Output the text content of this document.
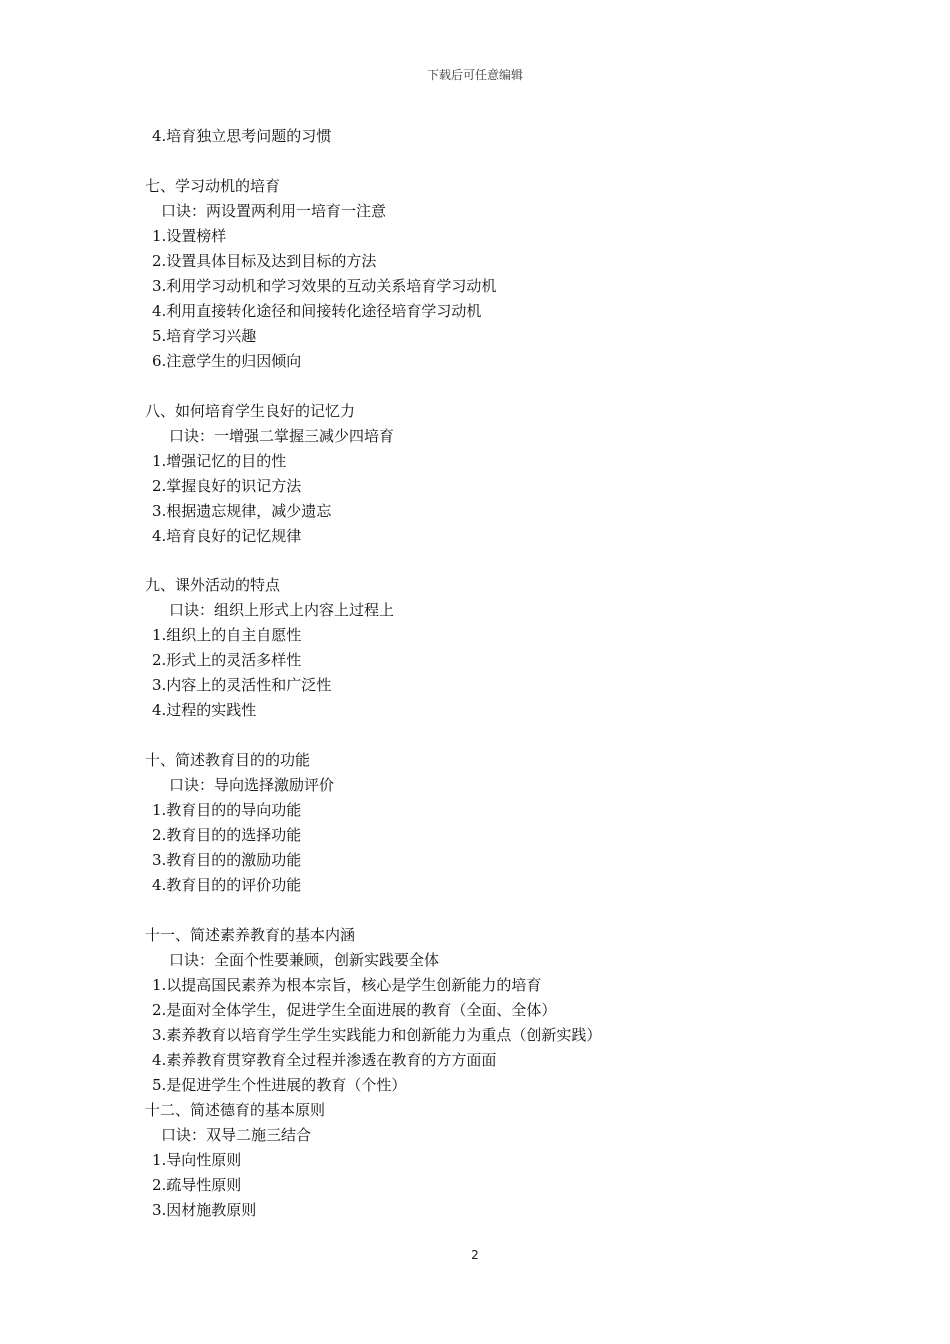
下载后可任意编辑
4.培育独立思考问题的习惯
七、学习动机的培育
口诀：两设置两利用一培育一注意
1.设置榜样
2.设置具体目标及达到目标的方法
3.利用学习动机和学习效果的互动关系培育学习动机
4.利用直接转化途径和间接转化途径培育学习动机
5.培育学习兴趣
6.注意学生的归因倾向
八、如何培育学生良好的记忆力
口诀：一增强二掌握三减少四培育
1.增强记忆的目的性
2.掌握良好的识记方法
3.根据遗忘规律，减少遗忘
4.培育良好的记忆规律
九、课外活动的特点
口诀：组织上形式上内容上过程上
1.组织上的自主自愿性
2.形式上的灵活多样性
3.内容上的灵活性和广泛性
4.过程的实践性
十、简述教育目的的功能
口诀：导向选择激励评价
1.教育目的的导向功能
2.教育目的的选择功能
3.教育目的的激励功能
4.教育目的的评价功能
十一、简述素养教育的基本内涵
口诀：全面个性要兼顾，创新实践要全体
1.以提高国民素养为根本宗旨，核心是学生创新能力的培育
2.是面对全体学生，促进学生全面进展的教育（全面、全体）
3.素养教育以培育学生学生实践能力和创新能力为重点（创新实践）
4.素养教育贯穿教育全过程并渗透在教育的方方面面
5.是促进学生个性进展的教育（个性）
十二、简述德育的基本原则
口诀：双导二施三结合
1.导向性原则
2.疏导性原则
3.因材施教原则
2
